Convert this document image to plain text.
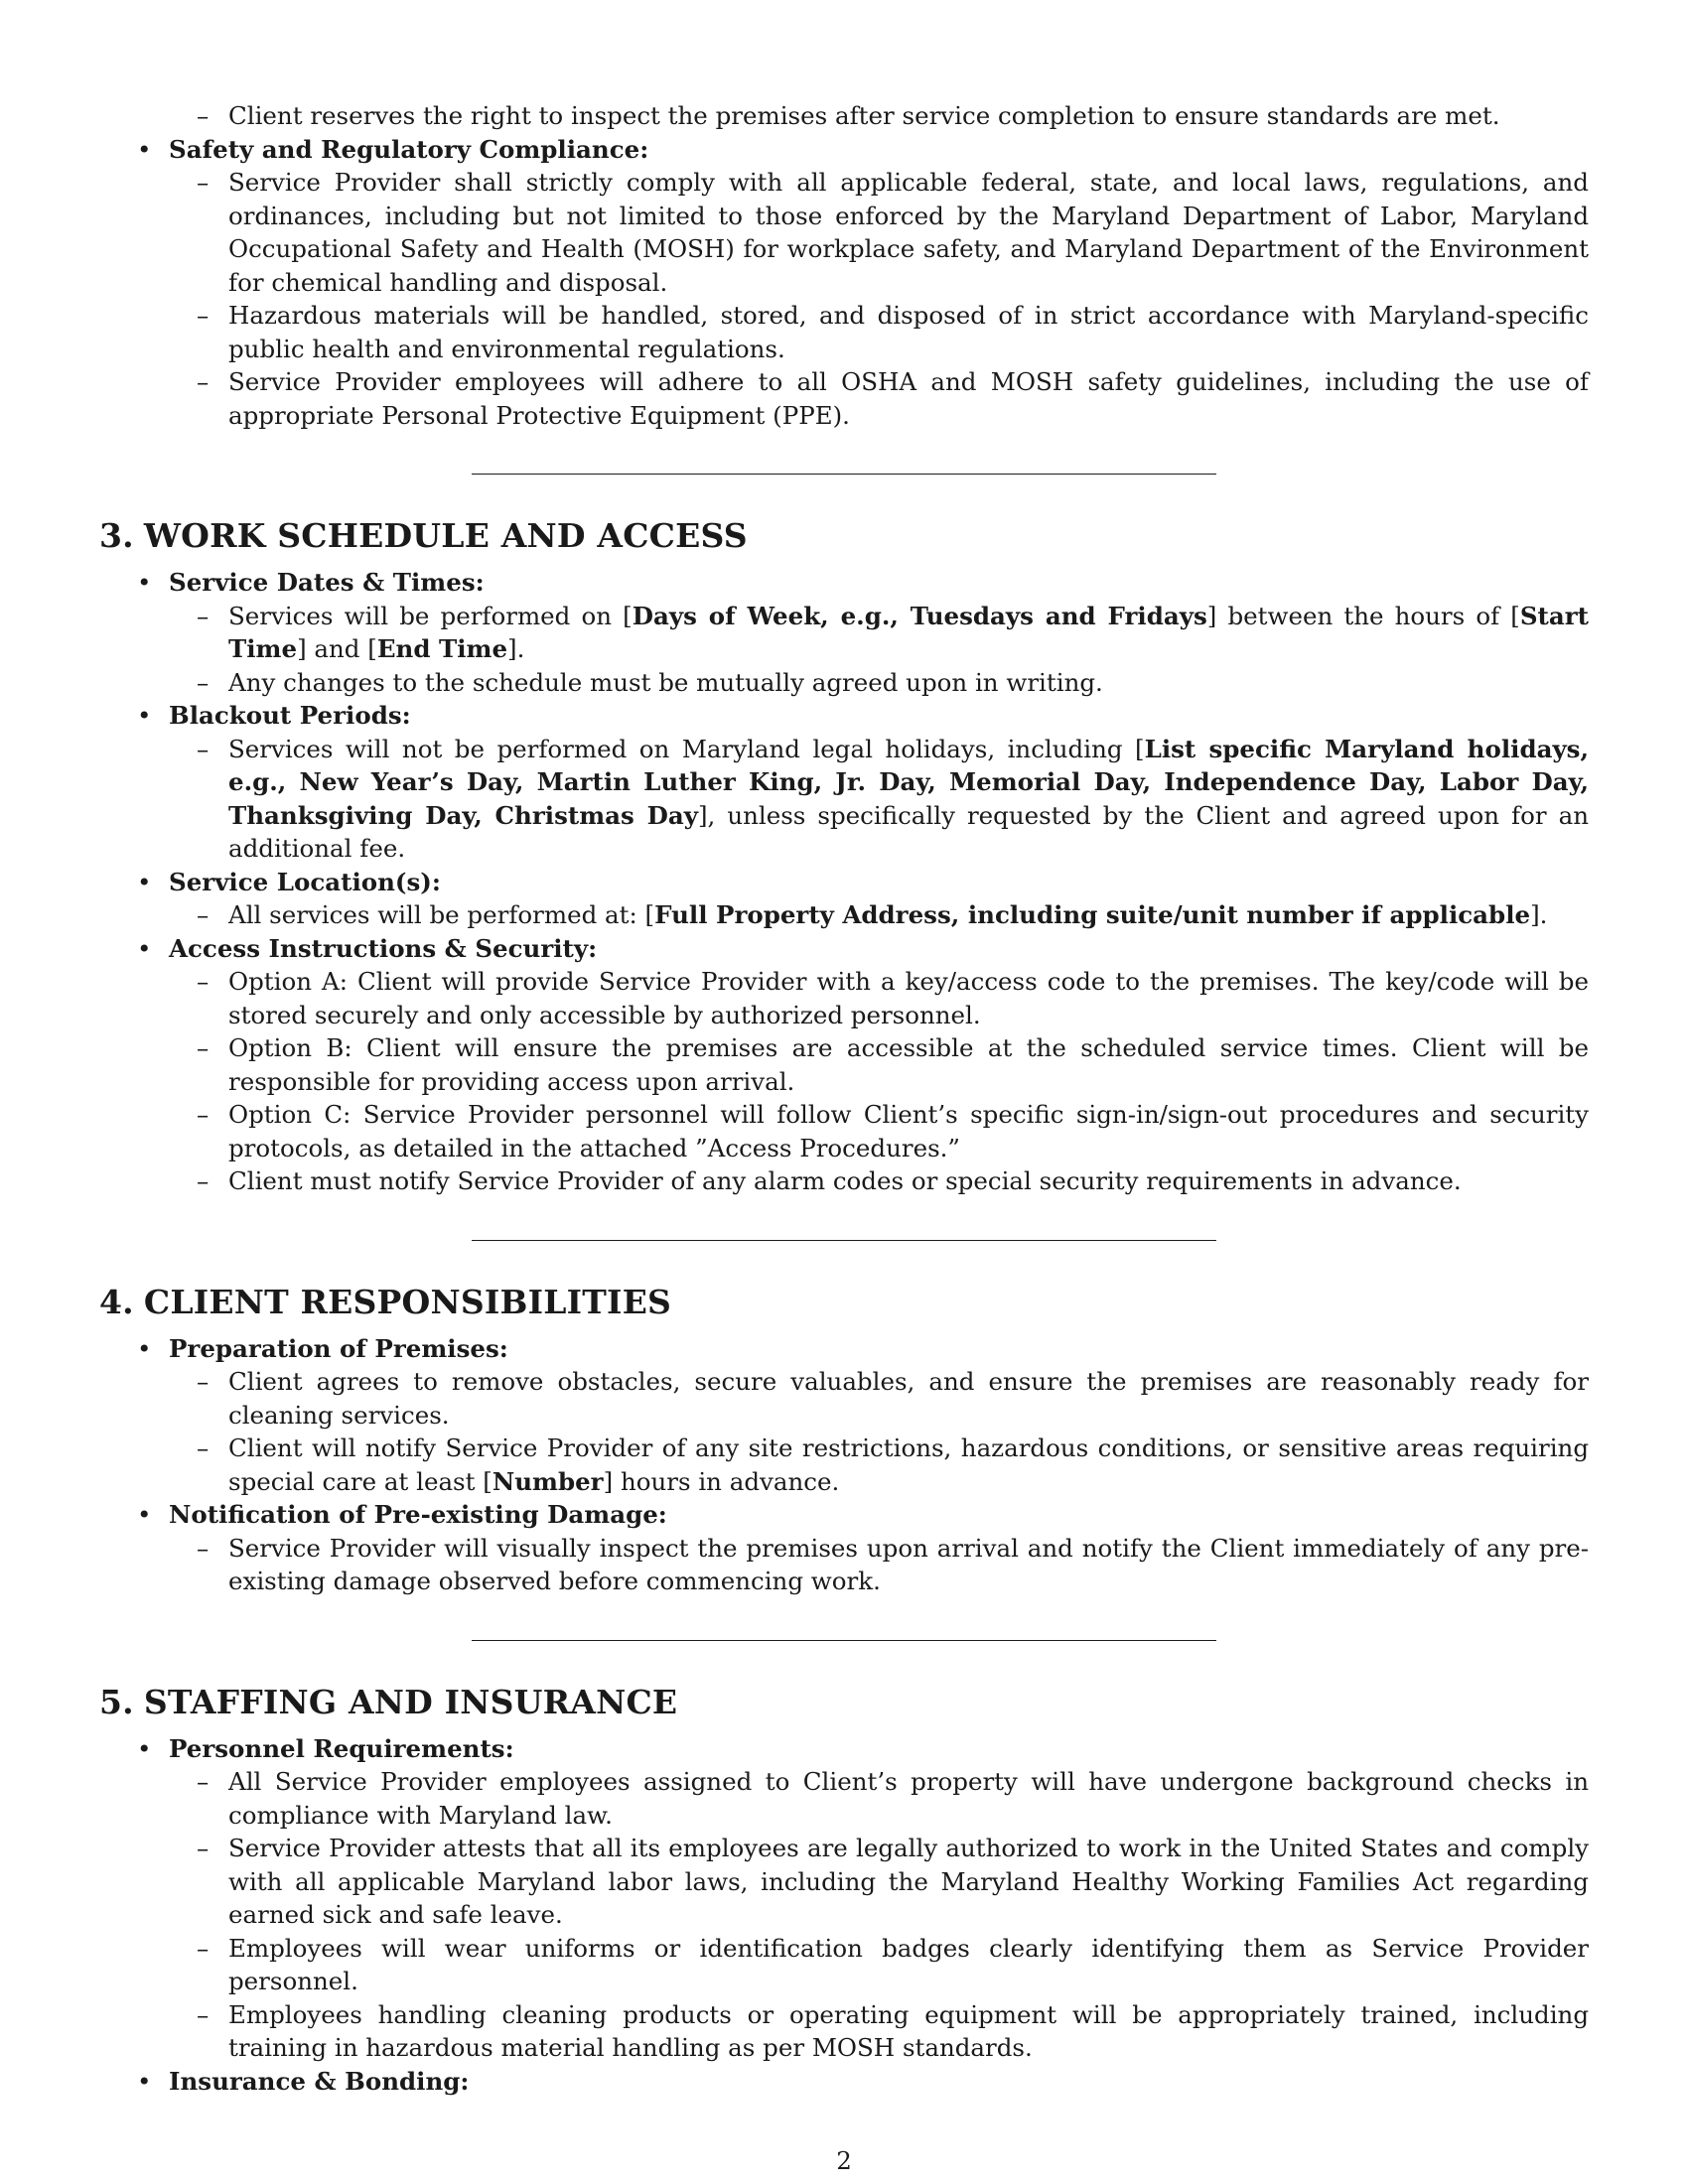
– Client reserves the right to inspect the premises after service completion to ensure standards are met.
• Safety and Regulatory Compliance:
– Service Provider shall strictly comply with all applicable federal, state, and local laws, regulations, and ordinances, including but not limited to those enforced by the Maryland Department of Labor, Maryland Occupational Safety and Health (MOSH) for workplace safety, and Maryland Department of the Environment for chemical handling and disposal.
– Hazardous materials will be handled, stored, and disposed of in strict accordance with Maryland-specific public health and environmental regulations.
– Service Provider employees will adhere to all OSHA and MOSH safety guidelines, including the use of appropriate Personal Protective Equipment (PPE).
3. WORK SCHEDULE AND ACCESS
• Service Dates & Times:
– Services will be performed on [Days of Week, e.g., Tuesdays and Fridays] between the hours of [Start Time] and [End Time].
– Any changes to the schedule must be mutually agreed upon in writing.
• Blackout Periods:
– Services will not be performed on Maryland legal holidays, including [List specific Maryland holidays, e.g., New Year’s Day, Martin Luther King, Jr. Day, Memorial Day, Independence Day, Labor Day, Thanksgiving Day, Christmas Day], unless specifically requested by the Client and agreed upon for an additional fee.
• Service Location(s):
– All services will be performed at: [Full Property Address, including suite/unit number if applicable].
• Access Instructions & Security:
– Option A: Client will provide Service Provider with a key/access code to the premises. The key/code will be stored securely and only accessible by authorized personnel.
– Option B: Client will ensure the premises are accessible at the scheduled service times. Client will be responsible for providing access upon arrival.
– Option C: Service Provider personnel will follow Client’s specific sign-in/sign-out procedures and security protocols, as detailed in the attached ”Access Procedures.”
– Client must notify Service Provider of any alarm codes or special security requirements in advance.
4. CLIENT RESPONSIBILITIES
• Preparation of Premises:
– Client agrees to remove obstacles, secure valuables, and ensure the premises are reasonably ready for cleaning services.
– Client will notify Service Provider of any site restrictions, hazardous conditions, or sensitive areas requiring special care at least [Number] hours in advance.
• Notification of Pre-existing Damage:
– Service Provider will visually inspect the premises upon arrival and notify the Client immediately of any pre-existing damage observed before commencing work.
5. STAFFING AND INSURANCE
• Personnel Requirements:
– All Service Provider employees assigned to Client’s property will have undergone background checks in compliance with Maryland law.
– Service Provider attests that all its employees are legally authorized to work in the United States and comply with all applicable Maryland labor laws, including the Maryland Healthy Working Families Act regarding earned sick and safe leave.
– Employees will wear uniforms or identification badges clearly identifying them as Service Provider personnel.
– Employees handling cleaning products or operating equipment will be appropriately trained, including training in hazardous material handling as per MOSH standards.
• Insurance & Bonding:
2
